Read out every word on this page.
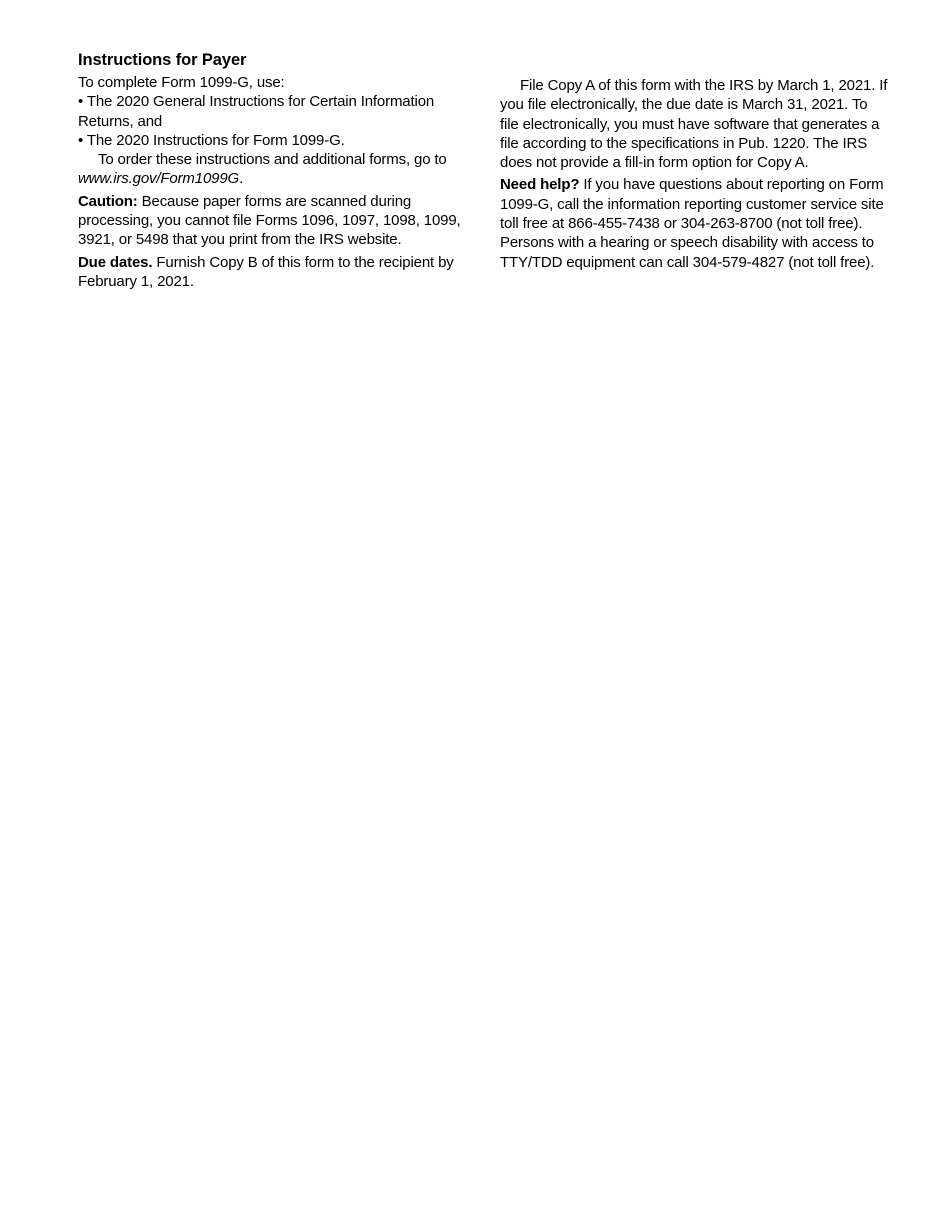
Instructions for Payer

To complete Form 1099-G, use:

• The 2020 General Instructions for Certain Information Returns, and

• The 2020 Instructions for Form 1099-G.

To order these instructions and additional forms, go to www.irs.gov/Form1099G.

Caution: Because paper forms are scanned during processing, you cannot file Forms 1096, 1097, 1098, 1099, 3921, or 5498 that you print from the IRS website.

Due dates. Furnish Copy B of this form to the recipient by February 1, 2021.

File Copy A of this form with the IRS by March 1, 2021. If you file electronically, the due date is March 31, 2021. To file electronically, you must have software that generates a file according to the specifications in Pub. 1220. The IRS does not provide a fill-in form option for Copy A.

Need help? If you have questions about reporting on Form 1099-G, call the information reporting customer service site toll free at 866-455-7438 or 304-263-8700 (not toll free). Persons with a hearing or speech disability with access to TTY/TDD equipment can call 304-579-4827 (not toll free).
